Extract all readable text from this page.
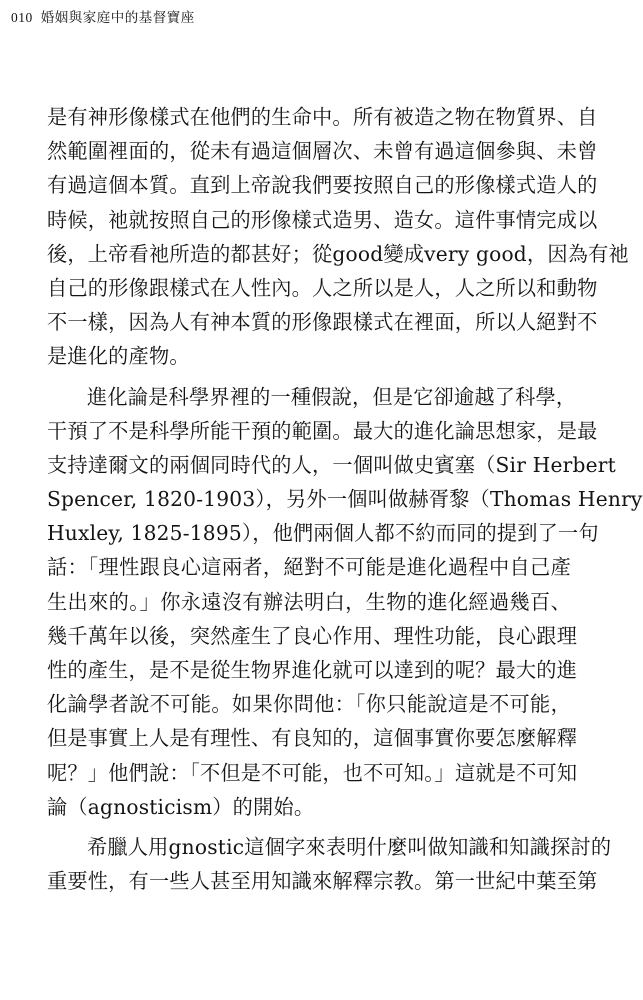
010 婚姻與家庭中的基督寶座
是有神形像樣式在他們的生命中。所有被造之物在物質界、自
然範圍裡面的，從未有過這個層次、未曾有過這個參與、未曾
有過這個本質。直到上帝說我們要按照自己的形像樣式造人的
時候，祂就按照自己的形像樣式造男、造女。這件事情完成以
後，上帝看祂所造的都甚好；從good變成very good，因為有祂
自己的形像跟樣式在人性內。人之所以是人，人之所以和動物
不一樣，因為人有神本質的形像跟樣式在裡面，所以人絕對不
是進化的產物。
進化論是科學界裡的一種假說，但是它卻逾越了科學，
干預了不是科學所能干預的範圍。最大的進化論思想家，是最
支持達爾文的兩個同時代的人，一個叫做史賓塞（Sir Herbert
Spencer, 1820-1903），另外一個叫做赫胥黎（Thomas Henry
Huxley, 1825-1895），他們兩個人都不約而同的提到了一句
話：「理性跟良心這兩者，絕對不可能是進化過程中自己產
生出來的。」你永遠沒有辦法明白，生物的進化經過幾百、
幾千萬年以後，突然產生了良心作用、理性功能，良心跟理
性的產生，是不是從生物界進化就可以達到的呢？最大的進
化論學者說不可能。如果你問他：「你只能說這是不可能，
但是事實上人是有理性、有良知的，這個事實你要怎麼解釋
呢？」他們說：「不但是不可能，也不可知。」這就是不可知
論（agnosticism）的開始。
希臘人用gnostic這個字來表明什麼叫做知識和知識探討的
重要性，有一些人甚至用知識來解釋宗教。第一世紀中葉至第
